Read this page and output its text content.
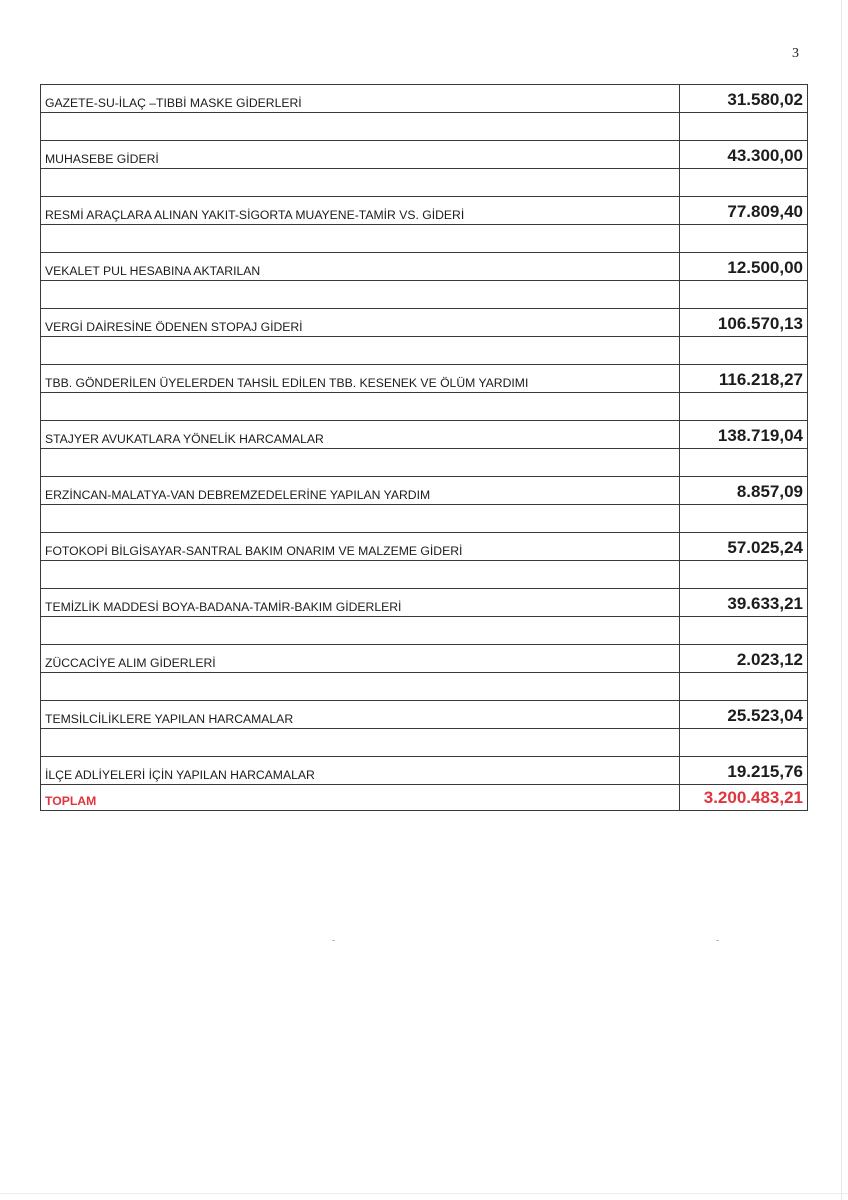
3
GAZETE-SU-İLAÇ –TIBBİ MASKE GİDERLERİ	31.580,02

MUHASEBE GİDERİ	43.300,00

RESMİ ARAÇLARA ALINAN YAKIT-SİGORTA MUAYENE-TAMİR VS. GİDERİ	77.809,40

VEKALET PUL HESABINA AKTARILAN	12.500,00

VERGİ DAİRESİNE ÖDENEN STOPAJ GİDERİ	106.570,13

TBB. GÖNDERİLEN ÜYELERDEN TAHSİL EDİLEN TBB. KESENEK VE ÖLÜM YARDIMI	116.218,27

STAJYER AVUKATLARA YÖNELİK HARCAMALAR	138.719,04

ERZİNCAN-MALATYA-VAN DEBREMZEDELERİNE YAPILAN YARDIM	8.857,09

FOTOKOPİ BİLGİSAYAR-SANTRAL BAKIM ONARIM VE MALZEME GİDERİ	57.025,24

TEMİZLİK MADDESİ BOYA-BADANA-TAMİR-BAKIM GİDERLERİ	39.633,21

ZÜCCACİYE ALIM GİDERLERİ	2.023,12

TEMSİLCİLİKLERE YAPILAN HARCAMALAR	25.523,04

İLÇE ADLİYELERİ İÇİN YAPILAN HARCAMALAR	19.215,76

TOPLAM	3.200.483,21
